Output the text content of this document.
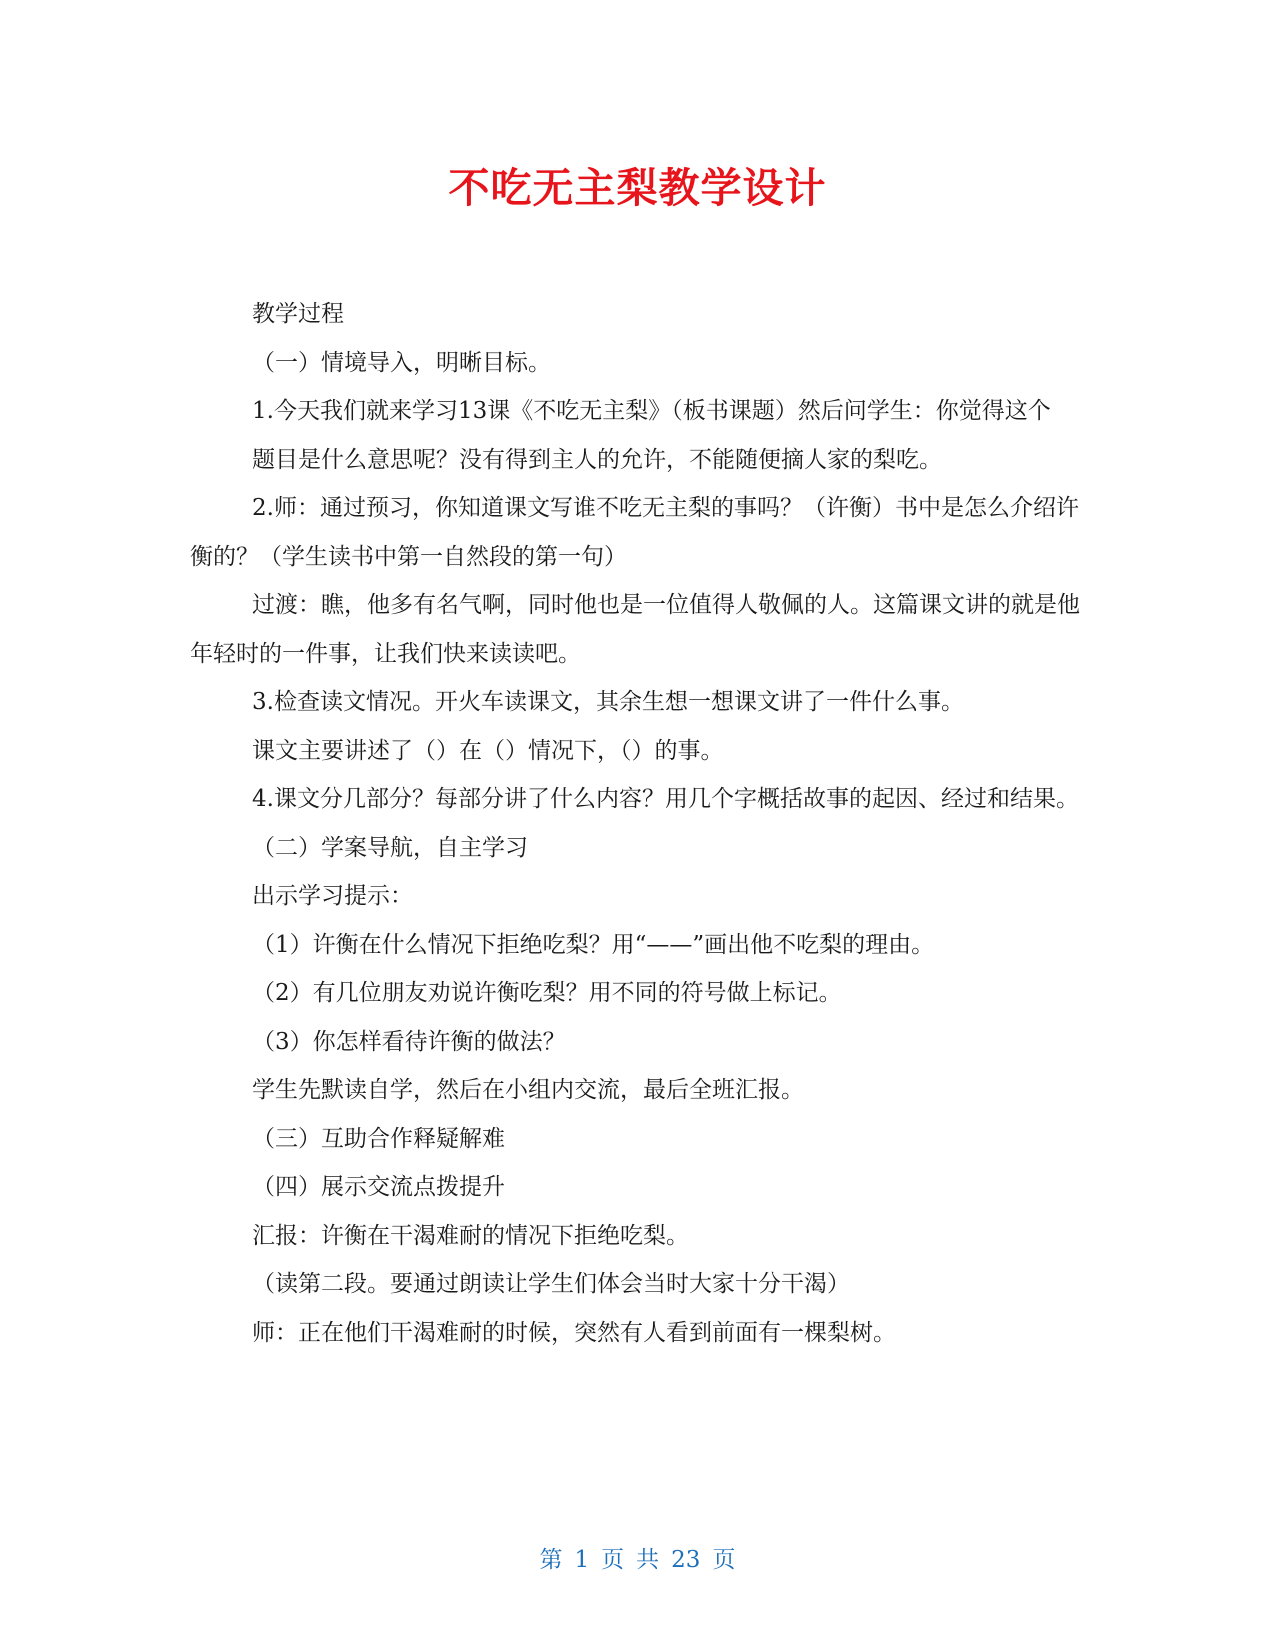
不吃无主梨教学设计

教学过程

（一）情境导入，明晰目标。

1.今天我们就来学习13课《不吃无主梨》（板书课题）然后问学生：你觉得这个

题目是什么意思呢？没有得到主人的允许，不能随便摘人家的梨吃。

2.师：通过预习，你知道课文写谁不吃无主梨的事吗？（许衡）书中是怎么介绍许衡的？（学生读书中第一自然段的第一句）

过渡：瞧，他多有名气啊，同时他也是一位值得人敬佩的人。这篇课文讲的就是他年轻时的一件事，让我们快来读读吧。

3.检查读文情况。开火车读课文，其余生想一想课文讲了一件什么事。

课文主要讲述了（）在（）情况下，（）的事。

4.课文分几部分？每部分讲了什么内容？用几个字概括故事的起因、经过和结果。

（二）学案导航，自主学习

出示学习提示：

（1）许衡在什么情况下拒绝吃梨？用“——”画出他不吃梨的理由。

（2）有几位朋友劝说许衡吃梨？用不同的符号做上标记。

（3）你怎样看待许衡的做法？

学生先默读自学，然后在小组内交流，最后全班汇报。

（三）互助合作释疑解难

（四）展示交流点拨提升

汇报：许衡在干渴难耐的情况下拒绝吃梨。

（读第二段。要通过朗读让学生们体会当时大家十分干渴）

师：正在他们干渴难耐的时候，突然有人看到前面有一棵梨树。

第 1 页 共 23 页
